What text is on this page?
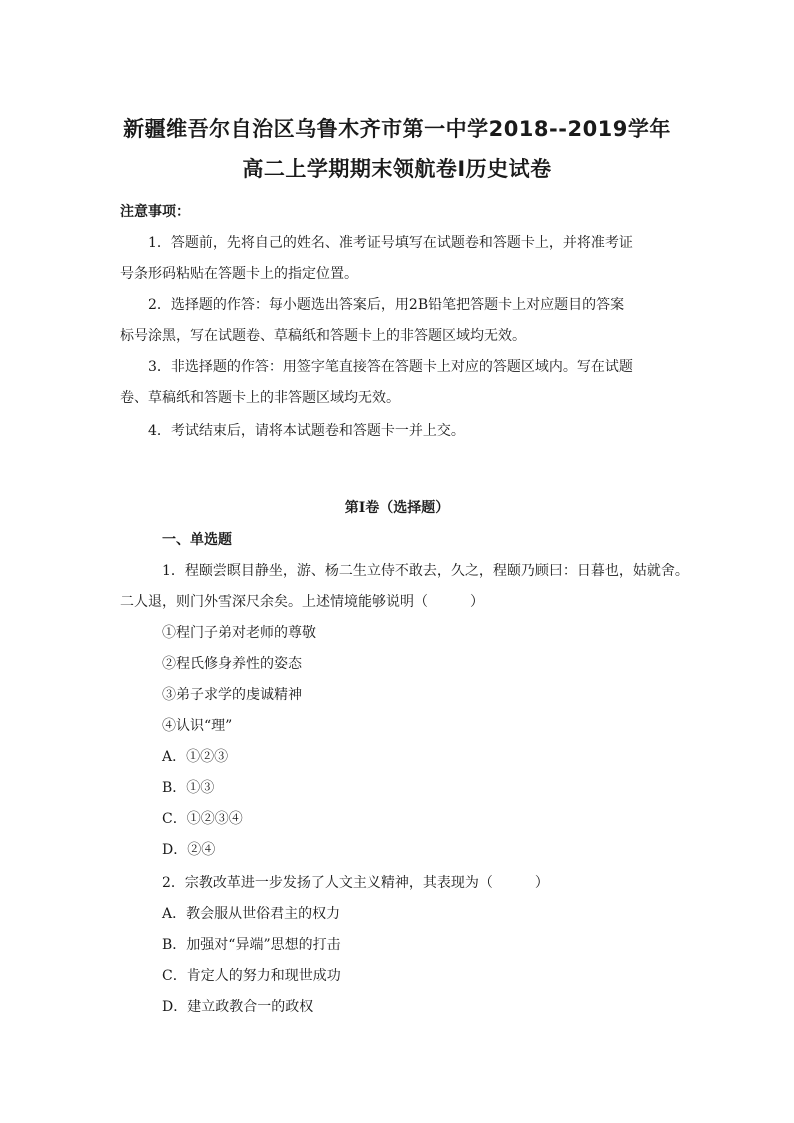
新疆维吾尔自治区乌鲁木齐市第一中学2018--2019学年
高二上学期期末领航卷Ⅰ历史试卷
注意事项：
1．答题前，先将自己的姓名、准考证号填写在试题卷和答题卡上，并将准考证
号条形码粘贴在答题卡上的指定位置。
2．选择题的作答：每小题选出答案后，用2B铅笔把答题卡上对应题目的答案
标号涂黑，写在试题卷、草稿纸和答题卡上的非答题区域均无效。
3．非选择题的作答：用签字笔直接答在答题卡上对应的答题区域内。写在试题
卷、草稿纸和答题卡上的非答题区域均无效。
4．考试结束后，请将本试题卷和答题卡一并上交。
第Ⅰ卷（选择题）
一、单选题
1．程颐尝瞑目静坐，游、杨二生立侍不敢去，久之，程颐乃顾曰：日暮也，姑就舍。
二人退，则门外雪深尺余矣。上述情境能够说明（　　　）
①程门子弟对老师的尊敬
②程氏修身养性的姿态
③弟子求学的虔诚精神
④认识“理”
A．①②③
B．①③
C．①②③④
D．②④
2．宗教改革进一步发扬了人文主义精神，其表现为（　　　）
A．教会服从世俗君主的权力
B．加强对“异端”思想的打击
C．肯定人的努力和现世成功
D．建立政教合一的政权
